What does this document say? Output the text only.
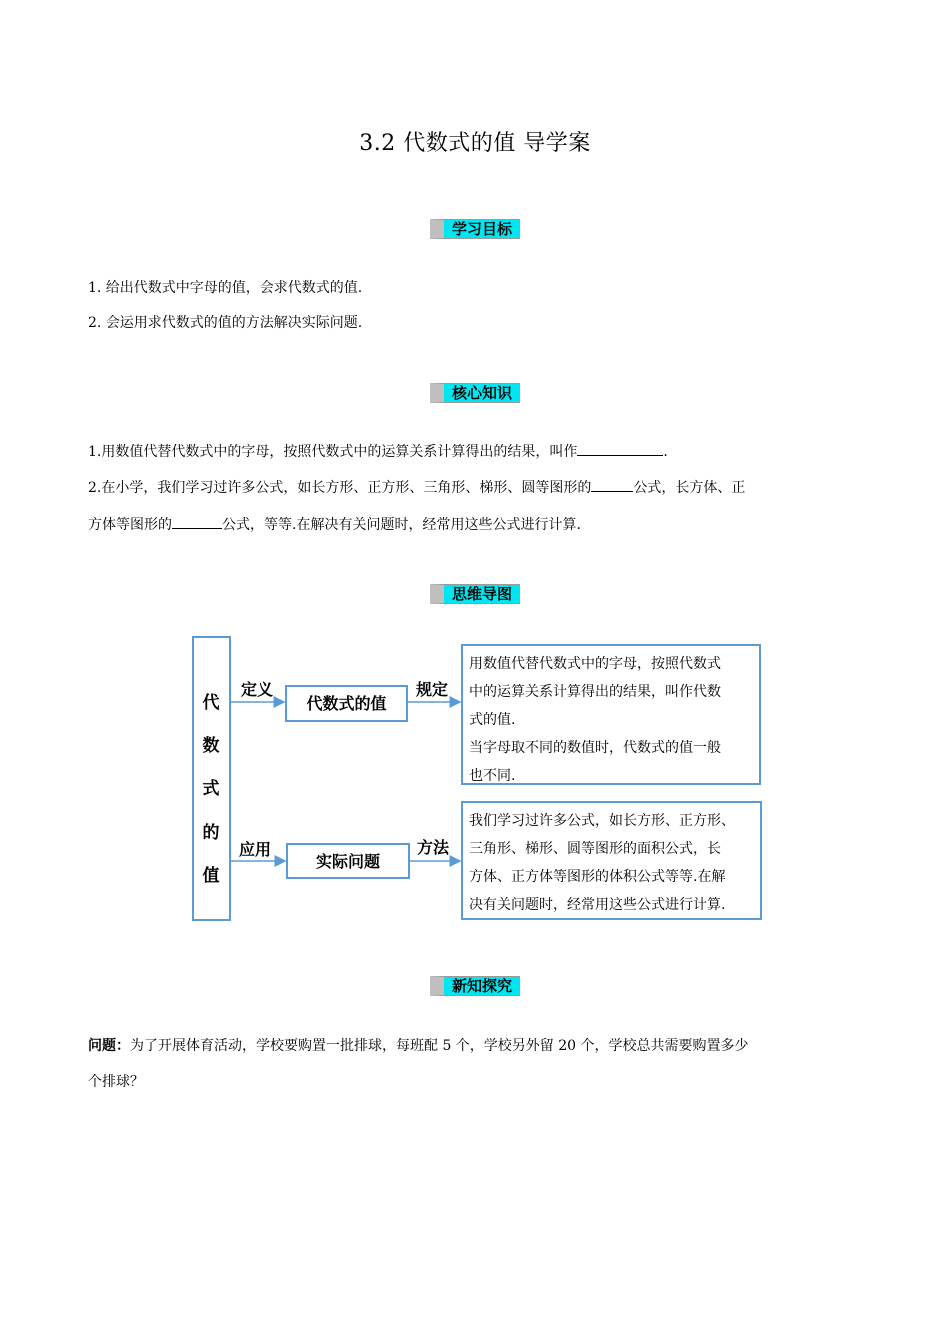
3.2 代数式的值 导学案
学习目标
1. 给出代数式中字母的值，会求代数式的值.
2. 会运用求代数式的值的方法解决实际问题.
核心知识
1.用数值代替代数式中的字母，按照代数式中的运算关系计算得出的结果，叫作	.
2.在小学，我们学习过许多公式，如长方形、正方形、三角形、梯形、圆等图形的	公式，长方体、正
方体等图形的	公式，等等.在解决有关问题时，经常用这些公式进行计算.
思维导图
代
数
式
的
值
定义
代数式的值
规定
用数值代替代数式中的字母，按照代数式
中的运算关系计算得出的结果，叫作代数
式的值.
当字母取不同的数值时，代数式的值一般
也不同.
应用
实际问题
方法
我们学习过许多公式，如长方形、正方形、
三角形、梯形、圆等图形的面积公式，长
方体、正方体等图形的体积公式等等.在解
决有关问题时，经常用这些公式进行计算.
新知探究
问题：为了开展体育活动，学校要购置一批排球，每班配 5 个，学校另外留 20 个，学校总共需要购置多少
个排球？
